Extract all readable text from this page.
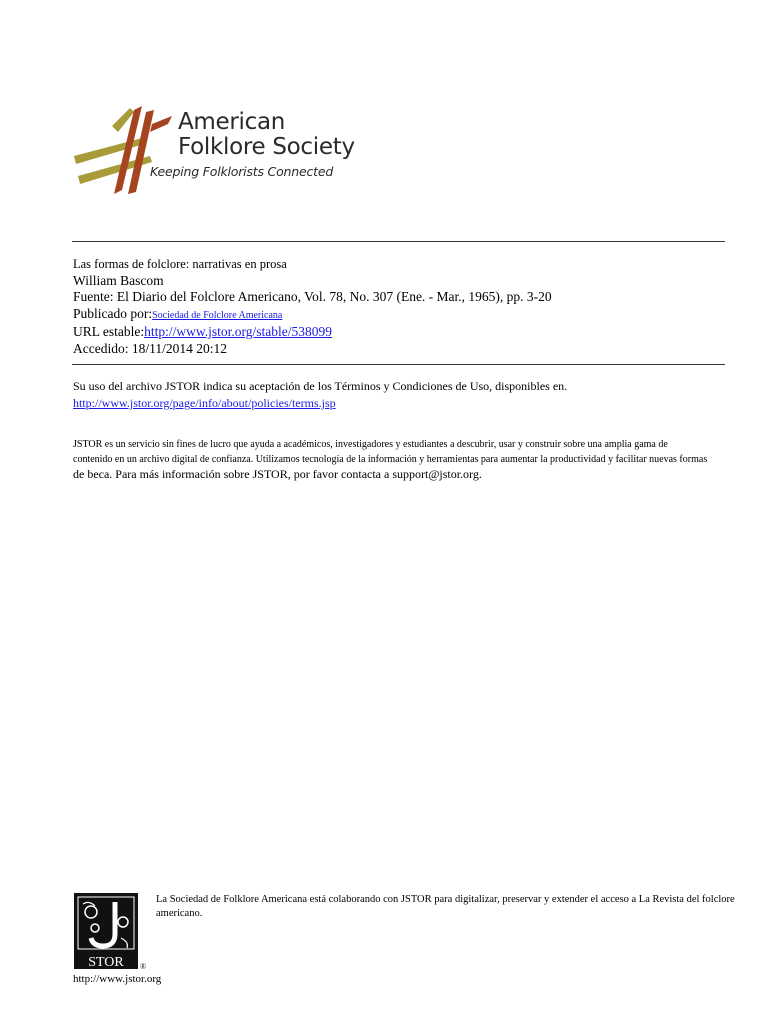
American
Folklore Society
Keeping Folklorists Connected
Las formas de folclore: narrativas en prosa
William Bascom
Fuente: El Diario del Folclore Americano, Vol. 78, No. 307 (Ene. - Mar., 1965), pp. 3-20
Publicado por:Sociedad de Folclore Americana
URL estable:http://www.jstor.org/stable/538099
Accedido: 18/11/2014 20:12
Su uso del archivo JSTOR indica su aceptación de los Términos y Condiciones de Uso, disponibles en.
http://www.jstor.org/page/info/about/policies/terms.jsp
JSTOR es un servicio sin fines de lucro que ayuda a académicos, investigadores y estudiantes a descubrir, usar y construir sobre una amplia gama de
contenido en un archivo digital de confianza. Utilizamos tecnología de la información y herramientas para aumentar la productividad y facilitar nuevas formas
de beca. Para más información sobre JSTOR, por favor contacta a support@jstor.org.
STOR ®
La Sociedad de Folklore Americana está colaborando con JSTOR para digitalizar, preservar y extender el acceso a La Revista del folclore americano.
http://www.jstor.org
